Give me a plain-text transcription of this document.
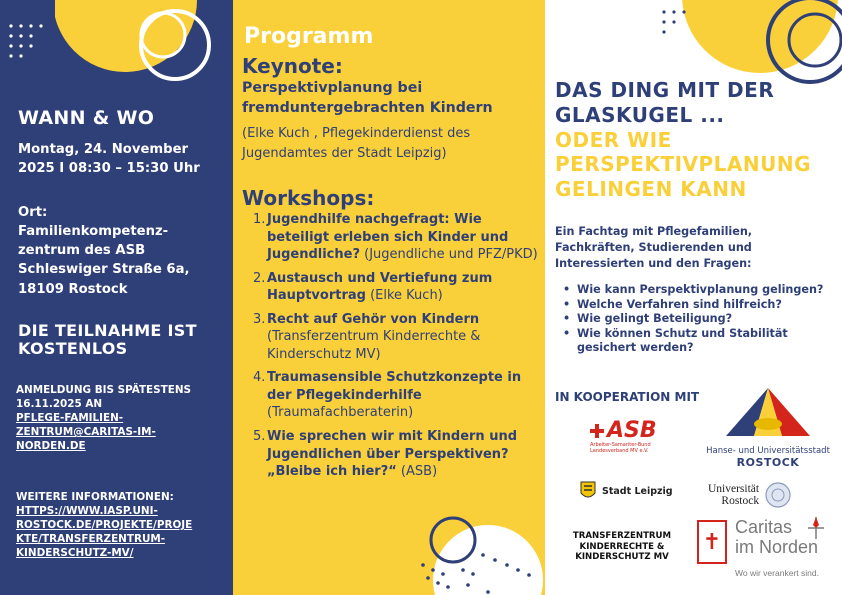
WANN & WO
Montag, 24. November
2025 I 08:30 – 15:30 Uhr
Ort:
Familienkompetenz-
zentrum des ASB
Schleswiger Straße 6a,
18109 Rostock
DIE TEILNAHME IST
KOSTENLOS
ANMELDUNG BIS SPÄTESTENS
16.11.2025 AN
PFLEGE-FAMILIEN-
ZENTRUM@CARITAS-IM-
NORDEN.DE
WEITERE INFORMATIONEN:
HTTPS://WWW.IASP.UNI-
ROSTOCK.DE/PROJEKTE/PROJE
KTE/TRANSFERZENTRUM-
KINDERSCHUTZ-MV/
Programm
Keynote:
Perspektivplanung bei fremduntergebrachten Kindern
(Elke Kuch , Pflegekinderdienst des Jugendamtes der Stadt Leipzig)
Workshops:
1. Jugendhilfe nachgefragt: Wie beteiligt erleben sich Kinder und Jugendliche? (Jugendliche und PFZ/PKD)
2. Austausch und Vertiefung zum Hauptvortrag (Elke Kuch)
3. Recht auf Gehör von Kindern (Transferzentrum Kinderrechte & Kinderschutz MV)
4. Traumasensible Schutzkonzepte in der Pflegekinderhilfe (Traumafachberaterin)
5. Wie sprechen wir mit Kindern und Jugendlichen über Perspektiven? „Bleibe ich hier?“ (ASB)
DAS DING MIT DER
GLASKUGEL ...
ODER WIE
PERSPEKTIVPLANUNG
GELINGEN KANN
Ein Fachtag mit Pflegefamilien, Fachkräften, Studierenden und Interessierten und den Fragen:
• Wie kann Perspektivplanung gelingen?
• Welche Verfahren sind hilfreich?
• Wie gelingt Beteiligung?
• Wie können Schutz und Stabilität gesichert werden?
IN KOOPERATION MIT
ASB
Arbeiter-Samariter-Bund
Landesverband MV e.V.	Hanse- und Universitätsstadt
ROSTOCK
Stadt Leipzig	Universität
Rostock
TRANSFERZENTRUM KINDERRECHTE & KINDERSCHUTZ MV
✝
Caritas
im Norden
Wo wir verankert sind.
